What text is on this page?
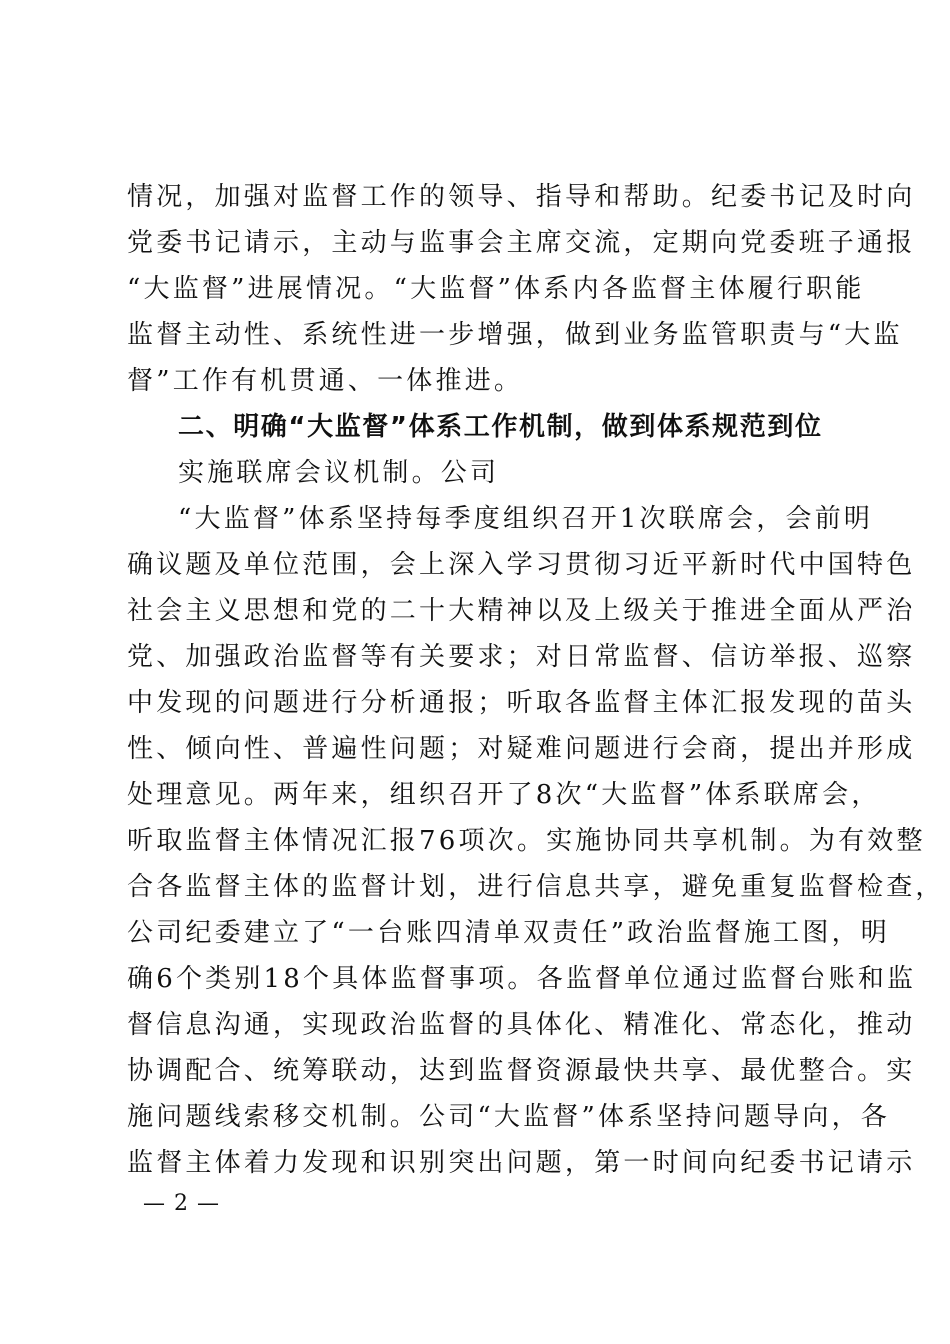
情况，加强对监督工作的领导、指导和帮助。纪委书记及时向
党委书记请示，主动与监事会主席交流，定期向党委班子通报
“大监督”进展情况。“大监督”体系内各监督主体履行职能
监督主动性、系统性进一步增强，做到业务监管职责与“大监
督”工作有机贯通、一体推进。
二、明确“大监督”体系工作机制，做到体系规范到位
实施联席会议机制。公司
“大监督”体系坚持每季度组织召开1次联席会，会前明
确议题及单位范围，会上深入学习贯彻习近平新时代中国特色
社会主义思想和党的二十大精神以及上级关于推进全面从严治
党、加强政治监督等有关要求；对日常监督、信访举报、巡察
中发现的问题进行分析通报；听取各监督主体汇报发现的苗头
性、倾向性、普遍性问题；对疑难问题进行会商，提出并形成
处理意见。两年来，组织召开了8次“大监督”体系联席会，
听取监督主体情况汇报76项次。实施协同共享机制。为有效整
合各监督主体的监督计划，进行信息共享，避免重复监督检查，
公司纪委建立了“一台账四清单双责任”政治监督施工图，明
确6个类别18个具体监督事项。各监督单位通过监督台账和监
督信息沟通，实现政治监督的具体化、精准化、常态化，推动
协调配合、统筹联动，达到监督资源最快共享、最优整合。实
施问题线索移交机制。公司“大监督”体系坚持问题导向，各
监督主体着力发现和识别突出问题，第一时间向纪委书记请示
— 2 —
